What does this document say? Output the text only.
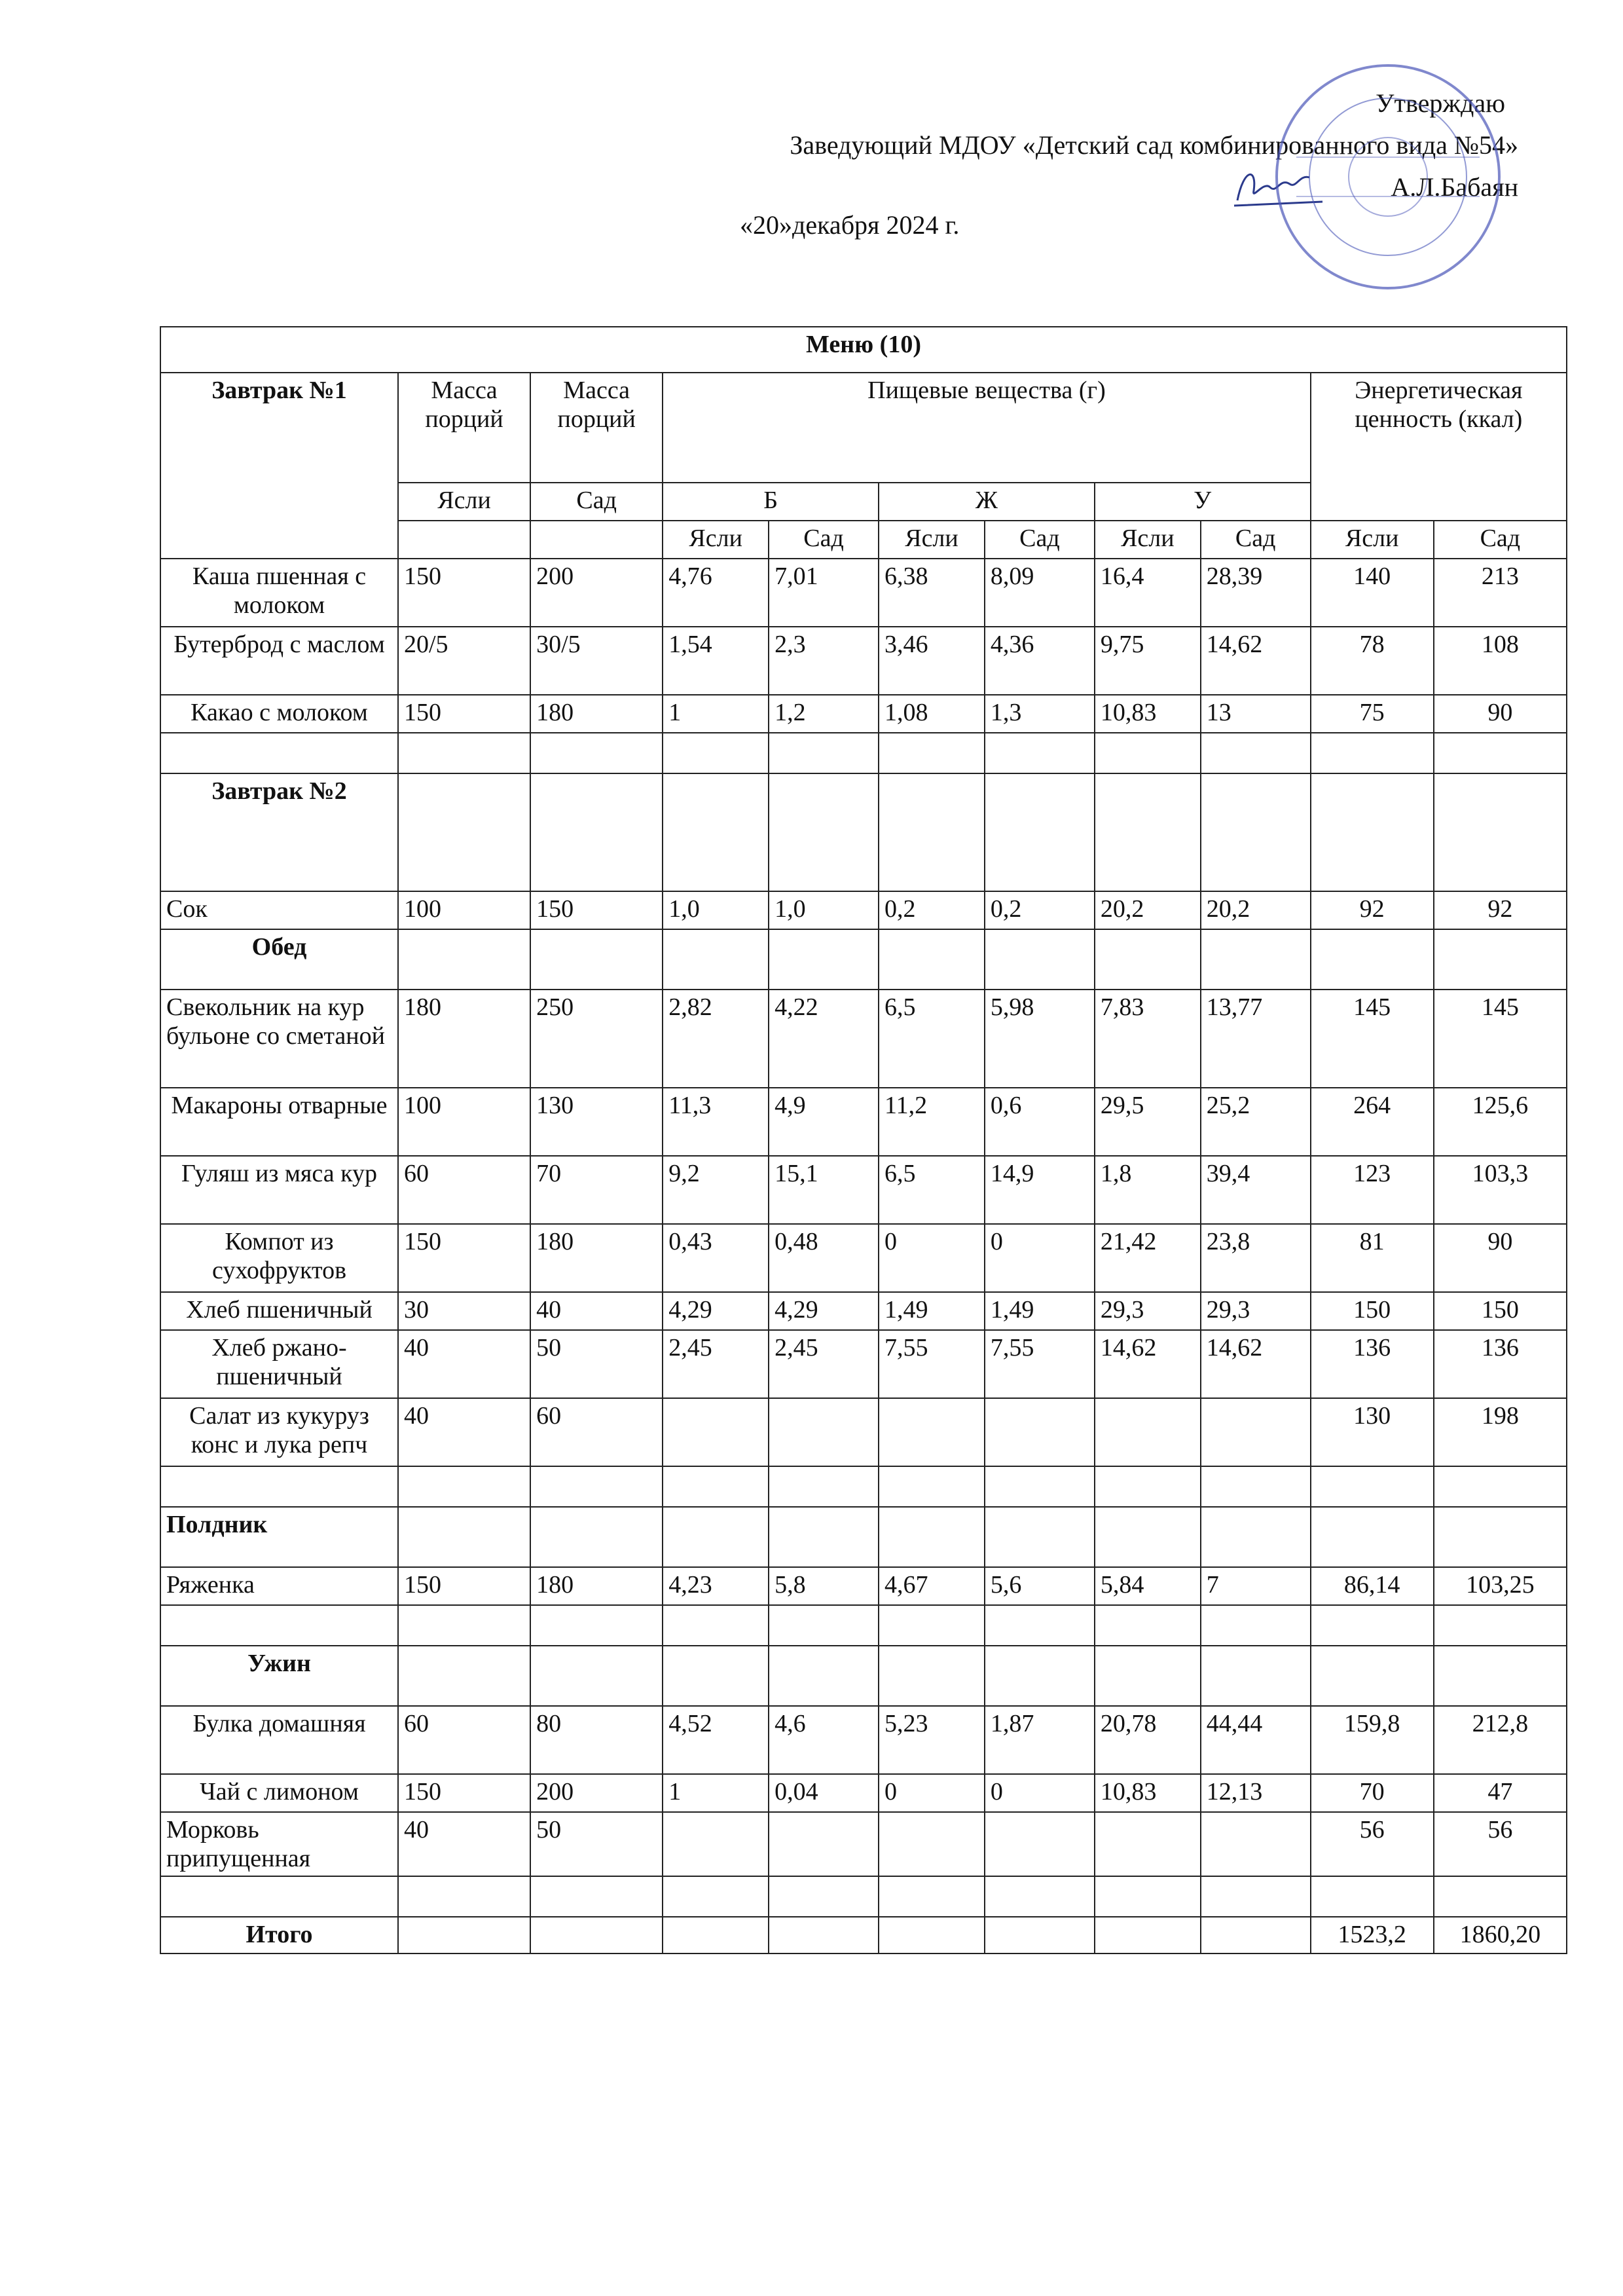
Утверждаю
Заведующий МДОУ «Детский сад комбинированного вида №54»
А.Л.Бабаян
«20»декабря 2024 г.
Меню (10)										
Завтрак №1	Массa порций	Масса порций	Пищевые вещества (г)						Энергетическая ценность (ккал)	
	Ясли	Сад	Б		Ж		У			
			Ясли	Сад	Ясли	Сад	Ясли	Сад	Ясли	Сад
Каша пшенная с молоком	150	200	4,76	7,01	6,38	8,09	16,4	28,39	140	213
Бутерброд с маслом	20/5	30/5	1,54	2,3	3,46	4,36	9,75	14,62	78	108
Какао с молоком	150	180	1	1,2	1,08	1,3	10,83	13	75	90

Завтрак №2										
Сок	100	150	1,0	1,0	0,2	0,2	20,2	20,2	92	92
Обед										
Свекольник на кур бульоне со сметаной	180	250	2,82	4,22	6,5	5,98	7,83	13,77	145	145
Макароны отварные	100	130	11,3	4,9	11,2	0,6	29,5	25,2	264	125,6
Гуляш из мяса кур	60	70	9,2	15,1	6,5	14,9	1,8	39,4	123	103,3
Компот из сухофруктов	150	180	0,43	0,48	0	0	21,42	23,8	81	90
Хлеб пшеничный	30	40	4,29	4,29	1,49	1,49	29,3	29,3	150	150
Хлеб ржано-пшеничный	40	50	2,45	2,45	7,55	7,55	14,62	14,62	136	136
Салат из кукуруз конс и лука репч	40	60							130	198

Полдник										
Ряженка	150	180	4,23	5,8	4,67	5,6	5,84	7	86,14	103,25

Ужин										
Булка домашняя	60	80	4,52	4,6	5,23	1,87	20,78	44,44	159,8	212,8
Чай с лимоном	150	200	1	0,04	0	0	10,83	12,13	70	47
Морковь припущенная	40	50							56	56

Итого									1523,2	1860,20
